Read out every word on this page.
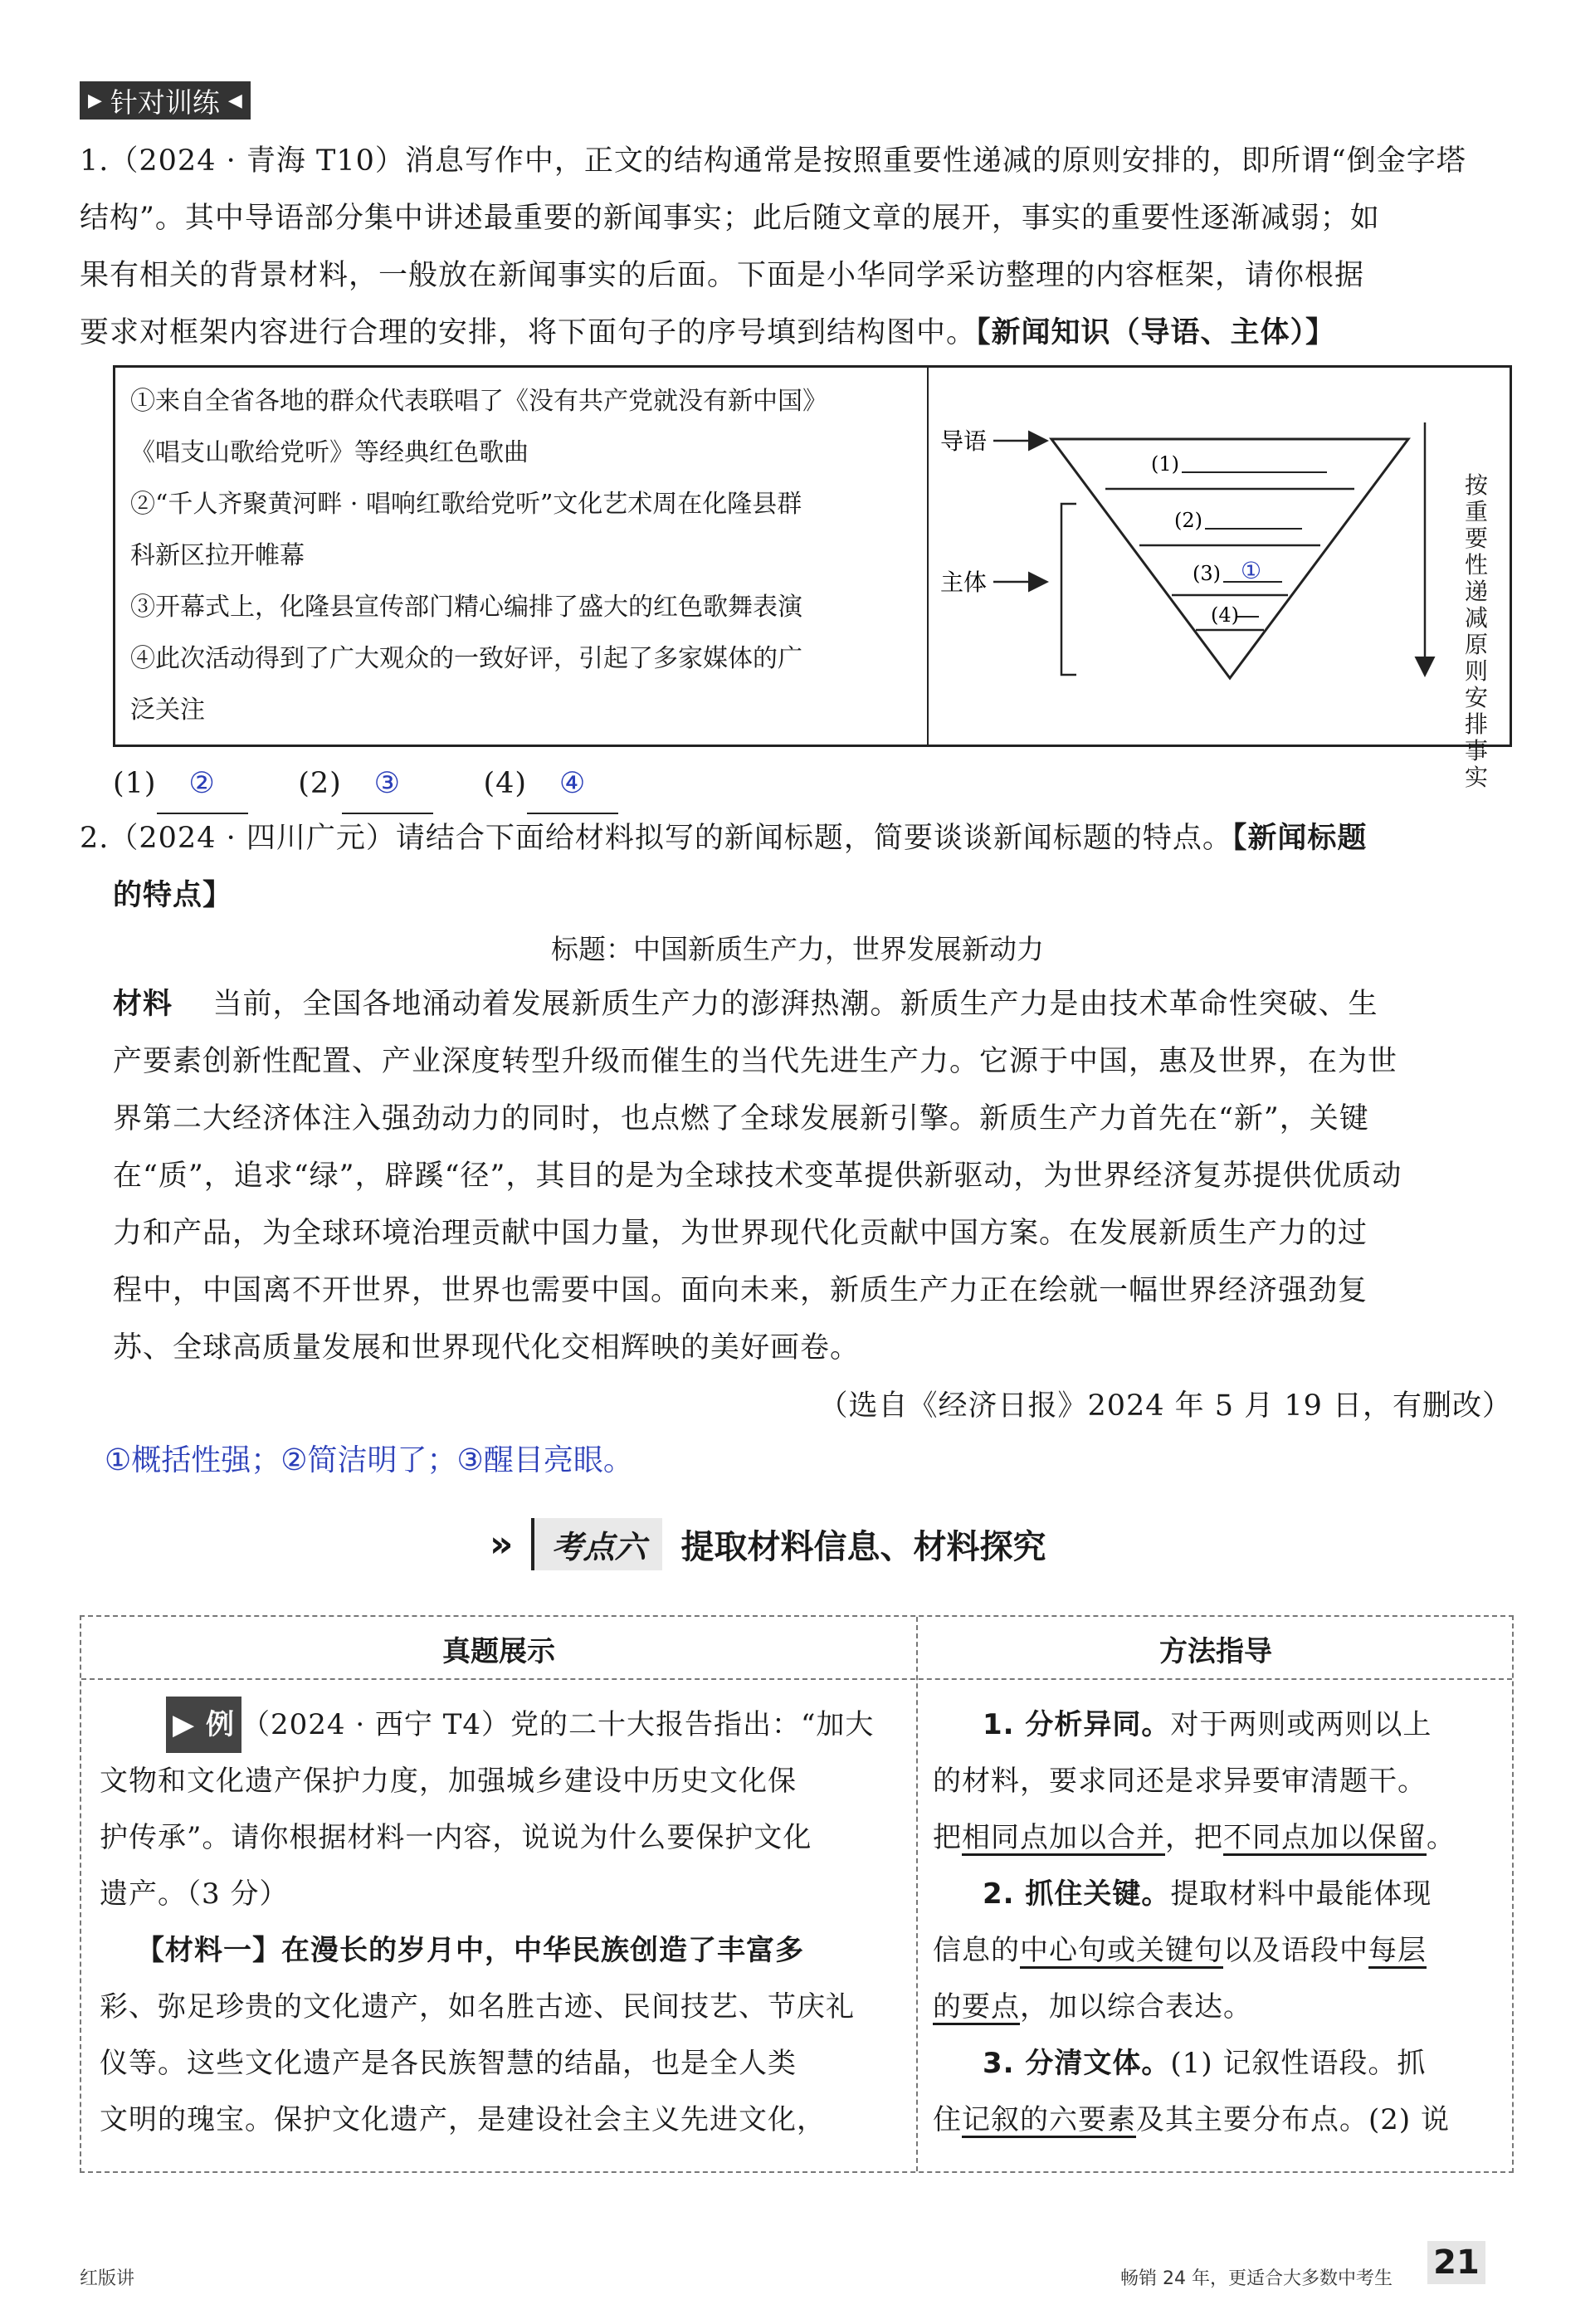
▶ 针对训练 ◀
1.（2024 · 青海 T10）消息写作中，正文的结构通常是按照重要性递减的原则安排的，即所谓“倒金字塔
结构”。其中导语部分集中讲述最重要的新闻事实；此后随文章的展开，事实的重要性逐渐减弱；如
果有相关的背景材料，一般放在新闻事实的后面。下面是小华同学采访整理的内容框架，请你根据
要求对框架内容进行合理的安排，将下面句子的序号填到结构图中。【新闻知识（导语、主体）】
①来自全省各地的群众代表联唱了《没有共产党就没有新中国》
《唱支山歌给党听》等经典红色歌曲
②“千人齐聚黄河畔 · 唱响红歌给党听”文化艺术周在化隆县群
科新区拉开帷幕
③开幕式上，化隆县宣传部门精心编排了盛大的红色歌舞表演
④此次活动得到了广大观众的一致好评，引起了多家媒体的广
泛关注
导语
主体
(1)
(2)
(3) ①
(4)
按重要性递减原则安排事实
(1) ②	(2) ③	(4) ④
2.（2024 · 四川广元）请结合下面给材料拟写的新闻标题，简要谈谈新闻标题的特点。【新闻标题
的特点】
标题：中国新质生产力，世界发展新动力
材料 当前，全国各地涌动着发展新质生产力的澎湃热潮。新质生产力是由技术革命性突破、生
产要素创新性配置、产业深度转型升级而催生的当代先进生产力。它源于中国，惠及世界，在为世
界第二大经济体注入强劲动力的同时，也点燃了全球发展新引擎。新质生产力首先在“新”，关键
在“质”，追求“绿”，辟蹊“径”，其目的是为全球技术变革提供新驱动，为世界经济复苏提供优质动
力和产品，为全球环境治理贡献中国力量，为世界现代化贡献中国方案。在发展新质生产力的过
程中，中国离不开世界，世界也需要中国。面向未来，新质生产力正在绘就一幅世界经济强劲复
苏、全球高质量发展和世界现代化交相辉映的美好画卷。
（选自《经济日报》2024 年 5 月 19 日，有删改）
①概括性强；②简洁明了；③醒目亮眼。
»	考点六	提取材料信息、材料探究
真题展示	方法指导
▶ 例 （2024 · 西宁 T4）党的二十大报告指出：“加大
文物和文化遗产保护力度，加强城乡建设中历史文化保
护传承”。请你根据材料一内容，说说为什么要保护文化
遗产。（3 分）
【材料一】在漫长的岁月中，中华民族创造了丰富多
彩、弥足珍贵的文化遗产，如名胜古迹、民间技艺、节庆礼
仪等。这些文化遗产是各民族智慧的结晶，也是全人类
文明的瑰宝。保护文化遗产，是建设社会主义先进文化，
1. 分析异同。对于两则或两则以上
的材料，要求同还是求异要审清题干。
把相同点加以合并，把不同点加以保留。
2. 抓住关键。提取材料中最能体现
信息的中心句或关键句以及语段中每层
的要点，加以综合表达。
3. 分清文体。(1) 记叙性语段。抓
住记叙的六要素及其主要分布点。(2) 说
红版讲	畅销 24 年，更适合大多数中考生 21
